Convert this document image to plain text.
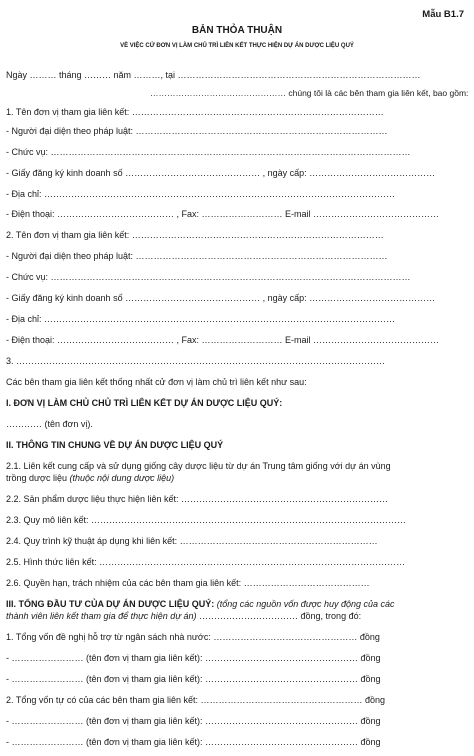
Mẫu B1.7
BẢN THỎA THUẬN
VỀ VIỆC CỬ ĐƠN VỊ LÀM CHỦ TRÌ LIÊN KẾT THỰC HIỆN DỰ ÁN DƯỢC LIỆU QUÝ
Ngày ……… tháng ……… năm ………, tại ………………………………………………………………………
………………………………………… chúng tôi là các bên tham gia liên kết, bao gồm:
1. Tên đơn vị tham gia liên kết: …………………………………………………………………………
- Người đại diện theo pháp luật: …………………………………………………………………………
- Chức vụ: …………………………………………………………………………………………………………
- Giấy đăng ký kinh doanh số ……………………………………… , ngày cấp: ……………………………………
- Địa chỉ: ………………………………………………………………………………………………………
- Điện thoại: ………………………………… , Fax: ……………………… E-mail ……………………………………
2. Tên đơn vị tham gia liên kết: …………………………………………………………………………
- Người đại diện theo pháp luật: …………………………………………………………………………
- Chức vụ: …………………………………………………………………………………………………………
- Giấy đăng ký kinh doanh số ……………………………………… , ngày cấp: ……………………………………
- Địa chỉ: ………………………………………………………………………………………………………
- Điện thoại: ………………………………… , Fax: ……………………… E-mail ……………………………………
3. ……………………………………………………………………………………………………………
Các bên tham gia liên kết thống nhất cử đơn vị làm chủ trì liên kết như sau:
I. ĐƠN VỊ LÀM CHỦ CHỦ TRÌ LIÊN KẾT DỰ ÁN DƯỢC LIỆU QUÝ:
………… (tên đơn vị).
II. THÔNG TIN CHUNG VỀ DỰ ÁN DƯỢC LIỆU QUÝ
2.1. Liên kết cung cấp và sử dụng giống cây dược liệu từ dự án Trung tâm giống với dự án vùng
trồng dược liệu (thuộc nội dung dược liệu)
2.2. Sản phẩm dược liệu thực hiện liên kết: ……………………………………………………………
2.3. Quy mô liên kết: ……………………………………………………………………………………………
2.4. Quy trình kỹ thuật áp dụng khi liên kết: …………………………………………………………
2.5. Hình thức liên kết: …………………………………………………………………………………………
2.6. Quyền hạn, trách nhiệm của các bên tham gia liên kết: ……………………………………
III. TỔNG ĐẦU TƯ CỦA DỰ ÁN DƯỢC LIỆU QUÝ: (tổng các nguồn vốn được huy động của các
thành viên liên kết tham gia để thực hiện dự án) …………………………… đồng, trong đó:
1. Tổng vốn đề nghị hỗ trợ từ ngân sách nhà nước: ………………………………………… đồng
- …………………… (tên đơn vị tham gia liên kết): …………………………………………… đồng
- …………………… (tên đơn vị tham gia liên kết): …………………………………………… đồng
2. Tổng vốn tự có của các bên tham gia liên kết: ……………………………………………… đồng
- …………………… (tên đơn vị tham gia liên kết): …………………………………………… đồng
- …………………… (tên đơn vị tham gia liên kết): …………………………………………… đồng
